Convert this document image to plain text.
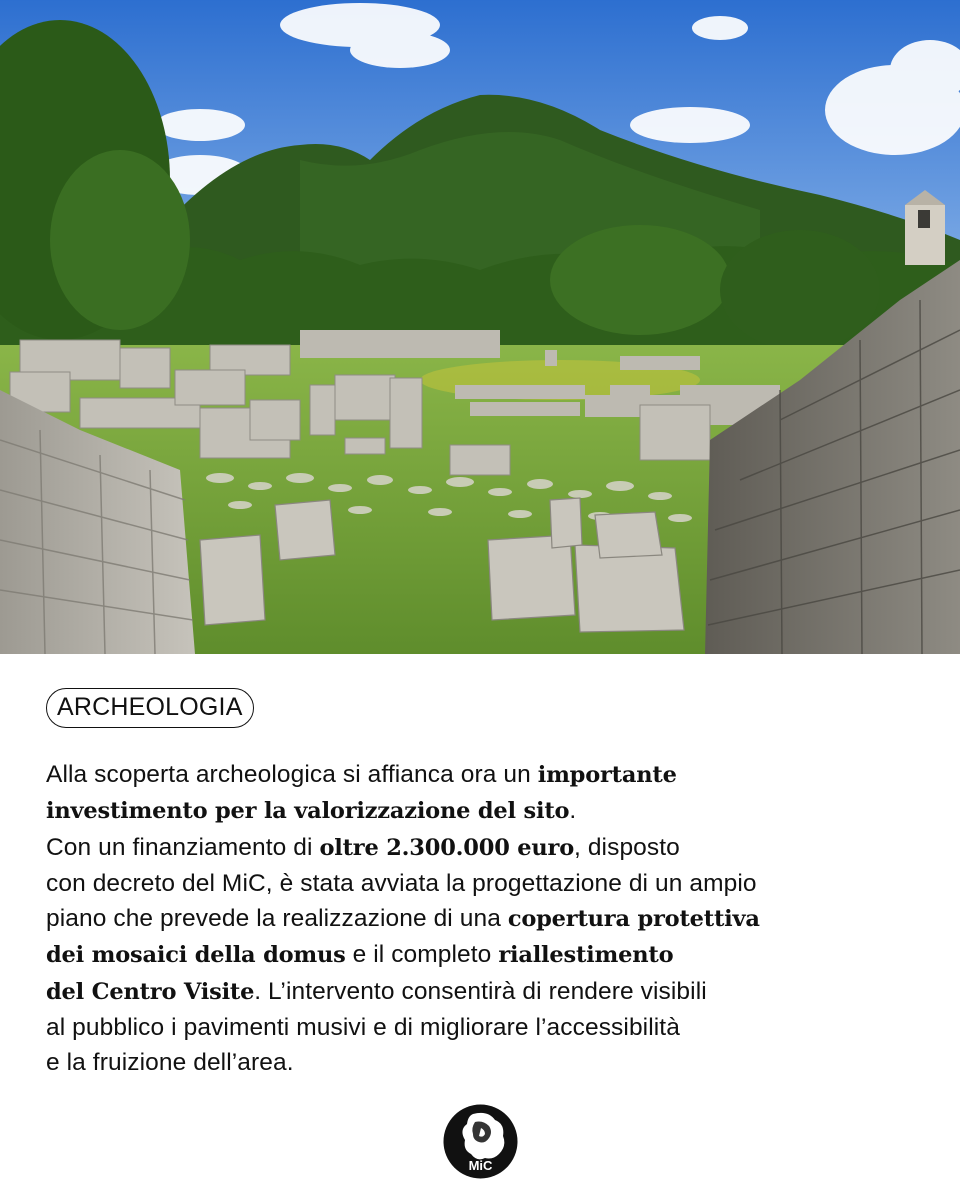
ARCHEOLOGIA
Alla scoperta archeologica si affianca ora un importante
investimento per la valorizzazione del sito.
Con un finanziamento di oltre 2.300.000 euro, disposto
con decreto del MiC, è stata avviata la progettazione di un ampio
piano che prevede la realizzazione di una copertura protettiva
dei mosaici della domus e il completo riallestimento
del Centro Visite. L’intervento consentirà di rendere visibili
al pubblico i pavimenti musivi e di migliorare l’accessibilità
e la fruizione dell’area.
MiC
